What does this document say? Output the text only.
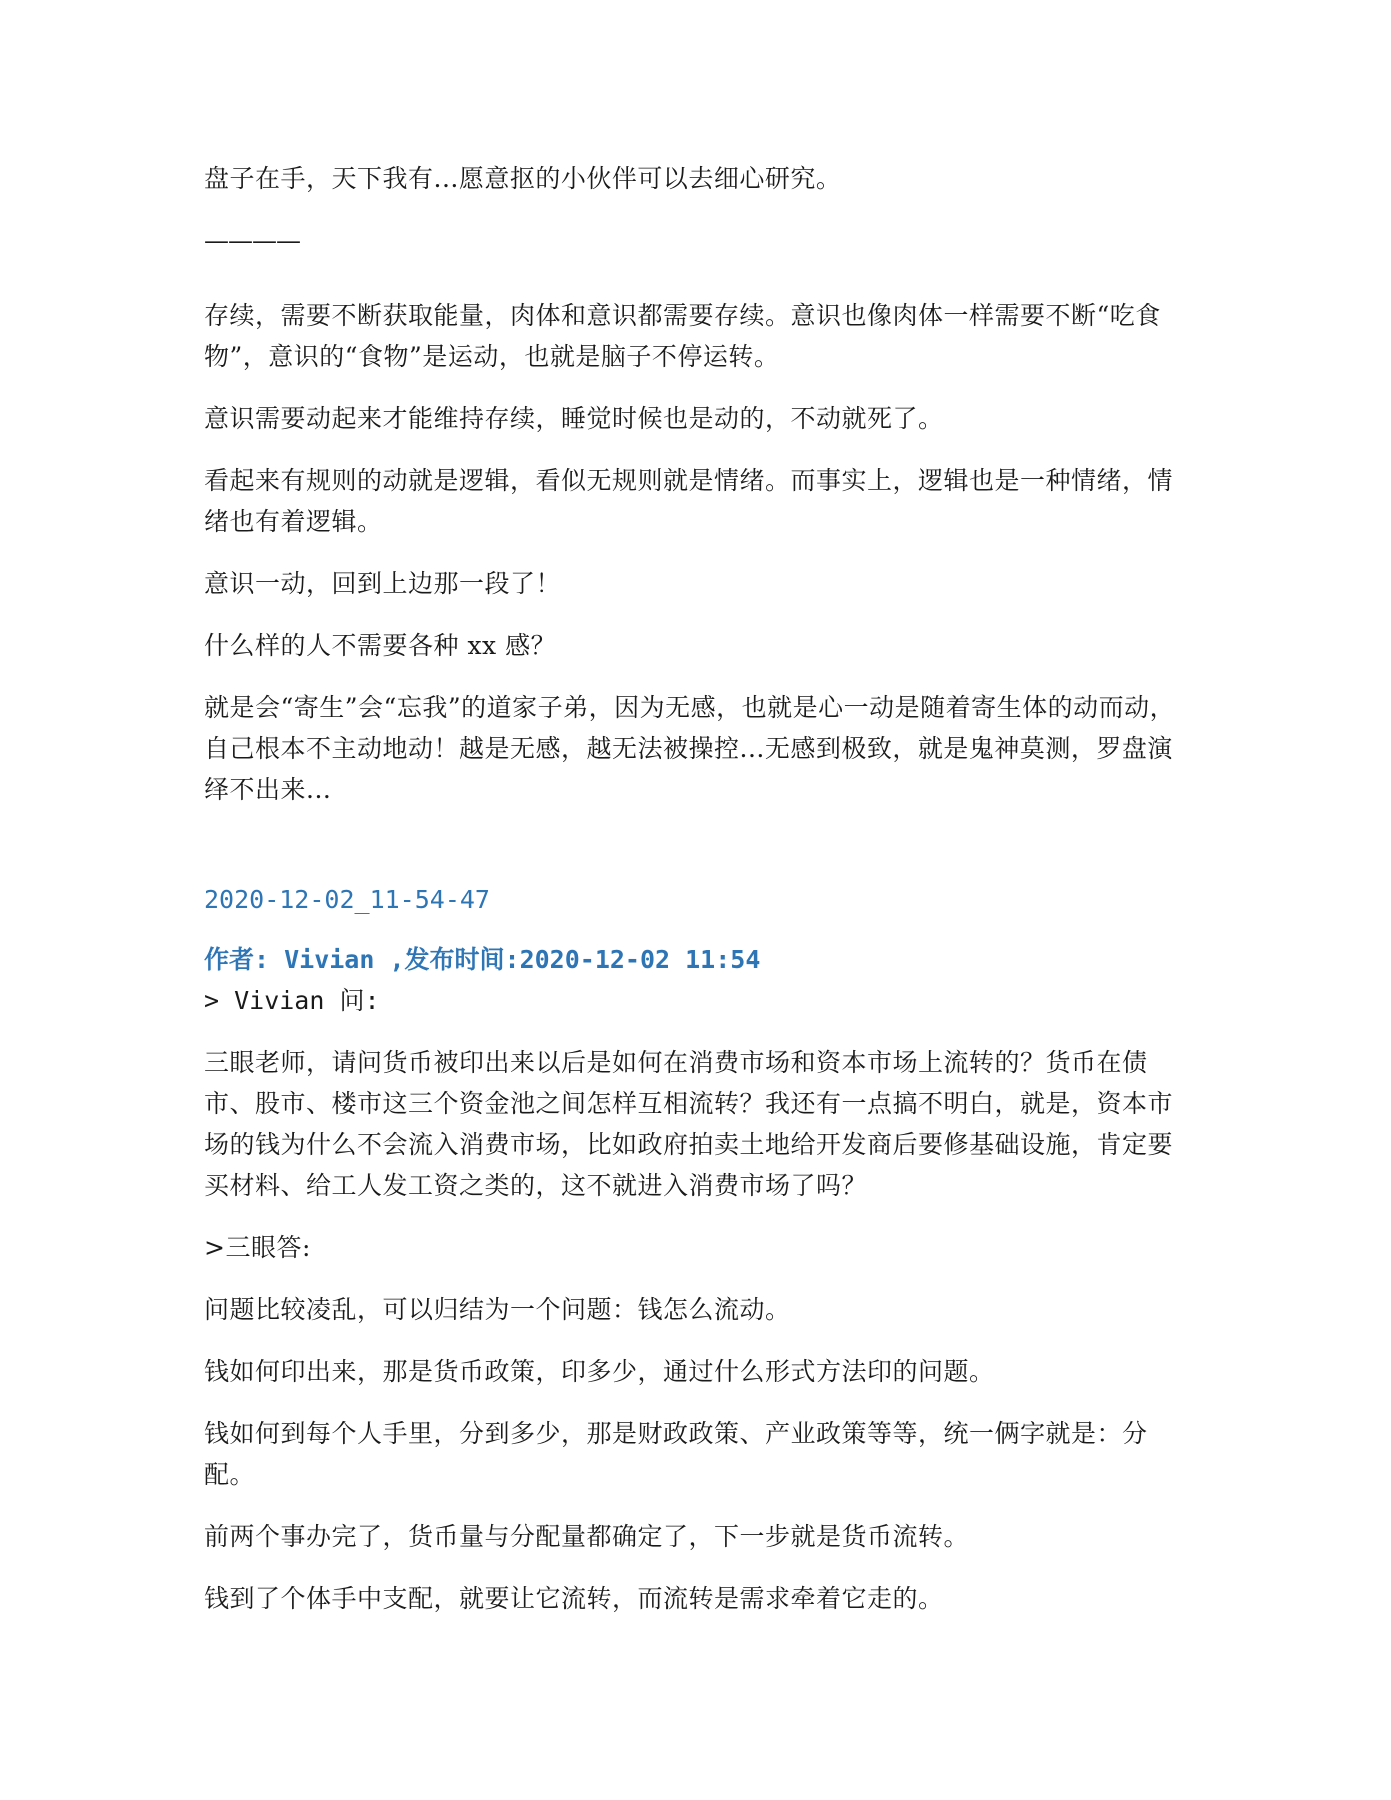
盘子在手，天下我有...愿意抠的小伙伴可以去细心研究。

————

存续，需要不断获取能量，肉体和意识都需要存续。意识也像肉体一样需要不断“吃食物”，意识的“食物”是运动，也就是脑子不停运转。

意识需要动起来才能维持存续，睡觉时候也是动的，不动就死了。

看起来有规则的动就是逻辑，看似无规则就是情绪。而事实上，逻辑也是一种情绪，情绪也有着逻辑。

意识一动，回到上边那一段了！

什么样的人不需要各种 xx 感？

就是会“寄生”会“忘我”的道家子弟，因为无感，也就是心一动是随着寄生体的动而动，自己根本不主动地动！越是无感，越无法被操控...无感到极致，就是鬼神莫测，罗盘演绎不出来...

2020-12-02_11-54-47

作者: Vivian ,发布时间:2020-12-02 11:54

> Vivian 问:

三眼老师，请问货币被印出来以后是如何在消费市场和资本市场上流转的？货币在债市、股市、楼市这三个资金池之间怎样互相流转？我还有一点搞不明白，就是，资本市场的钱为什么不会流入消费市场，比如政府拍卖土地给开发商后要修基础设施，肯定要买材料、给工人发工资之类的，这不就进入消费市场了吗？

>三眼答:

问题比较凌乱，可以归结为一个问题：钱怎么流动。

钱如何印出来，那是货币政策，印多少，通过什么形式方法印的问题。

钱如何到每个人手里，分到多少，那是财政政策、产业政策等等，统一俩字就是：分配。

前两个事办完了，货币量与分配量都确定了，下一步就是货币流转。

钱到了个体手中支配，就要让它流转，而流转是需求牵着它走的。
